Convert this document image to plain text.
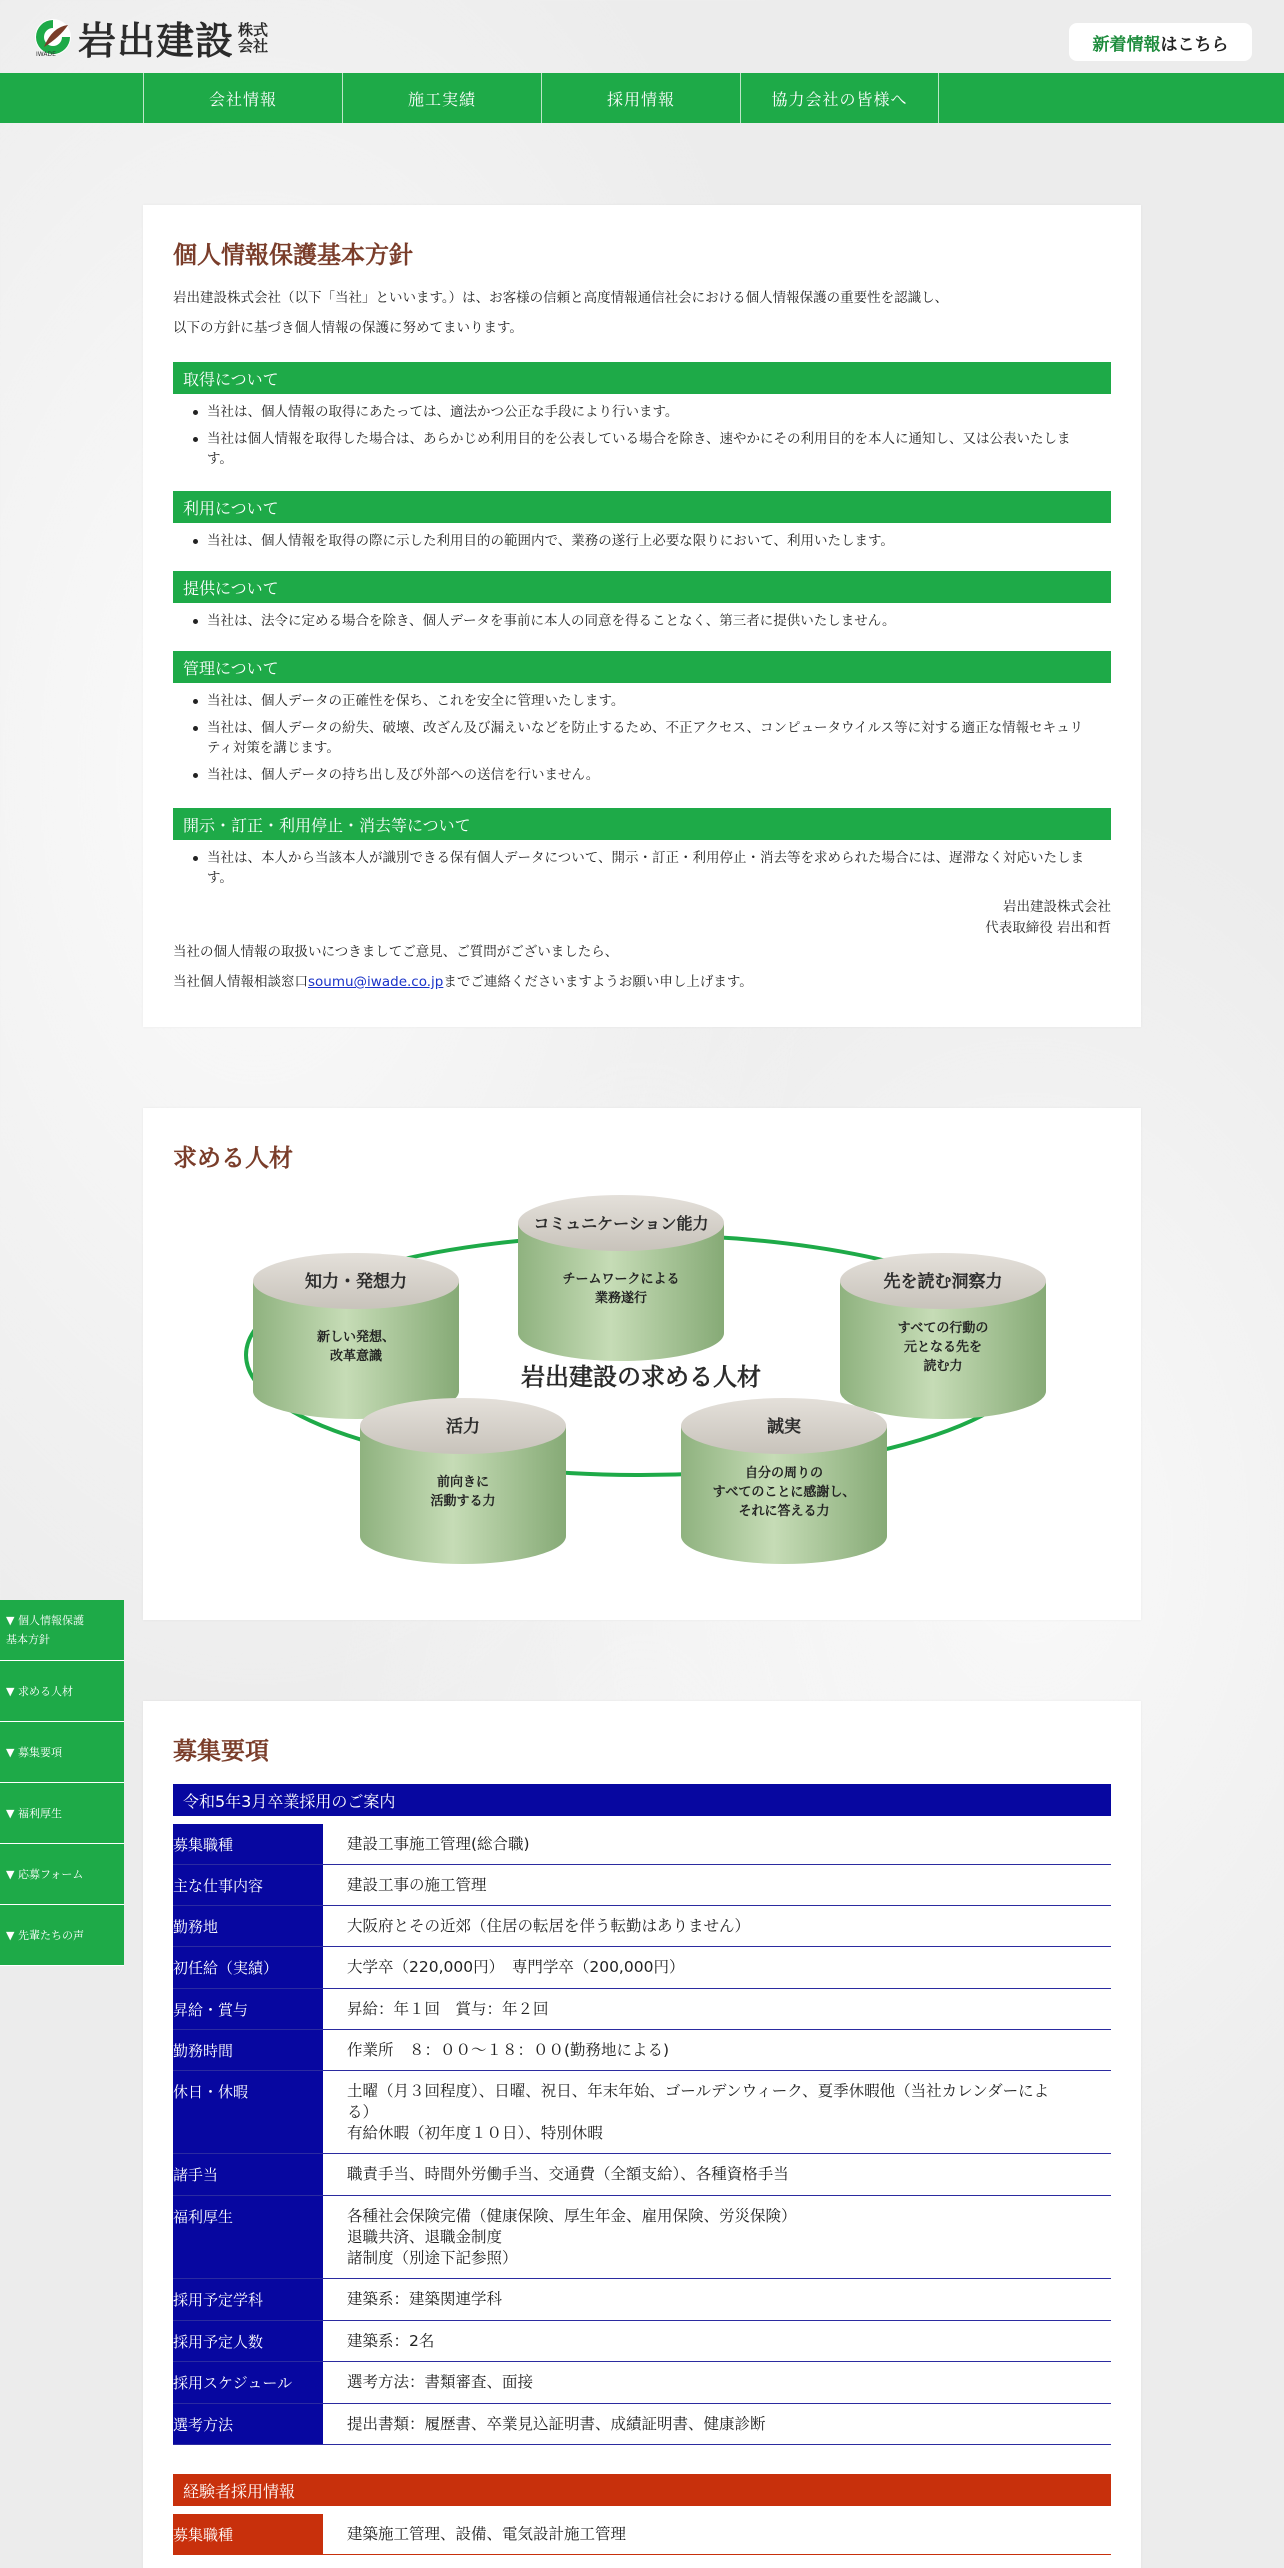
IWADE 岩出建設 株式
会社	新着情報 はこちら
会社情報	施工実績	採用情報	協力会社の皆様へ
個人情報保護基本方針
岩出建設株式会社（以下「当社」といいます。）は、お客様の信頼と高度情報通信社会における個人情報保護の重要性を認識し、
以下の方針に基づき個人情報の保護に努めてまいります。
取得について
当社は、個人情報の取得にあたっては、適法かつ公正な手段により行います。
当社は個人情報を取得した場合は、あらかじめ利用目的を公表している場合を除き、速やかにその利用目的を本人に通知し、又は公表いたします。
利用について
当社は、個人情報を取得の際に示した利用目的の範囲内で、業務の遂行上必要な限りにおいて、利用いたします。
提供について
当社は、法令に定める場合を除き、個人データを事前に本人の同意を得ることなく、第三者に提供いたしません。
管理について
当社は、個人データの正確性を保ち、これを安全に管理いたします。
当社は、個人データの紛失、破壊、改ざん及び漏えいなどを防止するため、不正アクセス、コンピュータウイルス等に対する適正な情報セキュリティ対策を講じます。
当社は、個人データの持ち出し及び外部への送信を行いません。
開示・訂正・利用停止・消去等について
当社は、本人から当該本人が識別できる保有個人データについて、開示・訂正・利用停止・消去等を求められた場合には、遅滞なく対応いたします。
岩出建設株式会社
代表取締役 岩出和哲
当社の個人情報の取扱いにつきましてご意見、ご質問がございましたら、
当社個人情報相談窓口soumu@iwade.co.jpまでご連絡くださいますようお願い申し上げます。
求める人材
岩出建設の求める人材
知力・発想力
新しい発想、
改革意識
コミュニケーション能力
チームワークによる
業務遂行
先を読む洞察力
すべての行動の
元となる先を
読む力
活力
前向きに
活動する力
誠実
自分の周りの
すべてのことに感謝し、
それに答える力
▼ 個人情報保護
基本方針
▼ 求める人材
▼ 募集要項
▼ 福利厚生
▼ 応募フォーム
▼ 先輩たちの声
募集要項
令和5年3月卒業採用のご案内
募集職種	建設工事施工管理(総合職)
主な仕事内容	建設工事の施工管理
勤務地	大阪府とその近郊（住居の転居を伴う転勤はありません）
初任給（実績）	大学卒（220,000円）　専門学卒（200,000円）
昇給・賞与	昇給：年１回　賞与：年２回
勤務時間	作業所　８：００～１８：００(勤務地による)
休日・休暇	土曜（月３回程度）、日曜、祝日、年末年始、ゴールデンウィーク、夏季休暇他（当社カレンダーによ
る）
有給休暇（初年度１０日）、特別休暇
諸手当	職責手当、時間外労働手当、交通費（全額支給）、各種資格手当
福利厚生	各種社会保険完備（健康保険、厚生年金、雇用保険、労災保険）
退職共済、退職金制度
諸制度（別途下記参照）
採用予定学科	建築系：建築関連学科
採用予定人数	建築系：2名
採用スケジュール	選考方法：書類審査、面接
選考方法	提出書類：履歴書、卒業見込証明書、成績証明書、健康診断
経験者採用情報
募集職種	建築施工管理、設備、電気設計施工管理
